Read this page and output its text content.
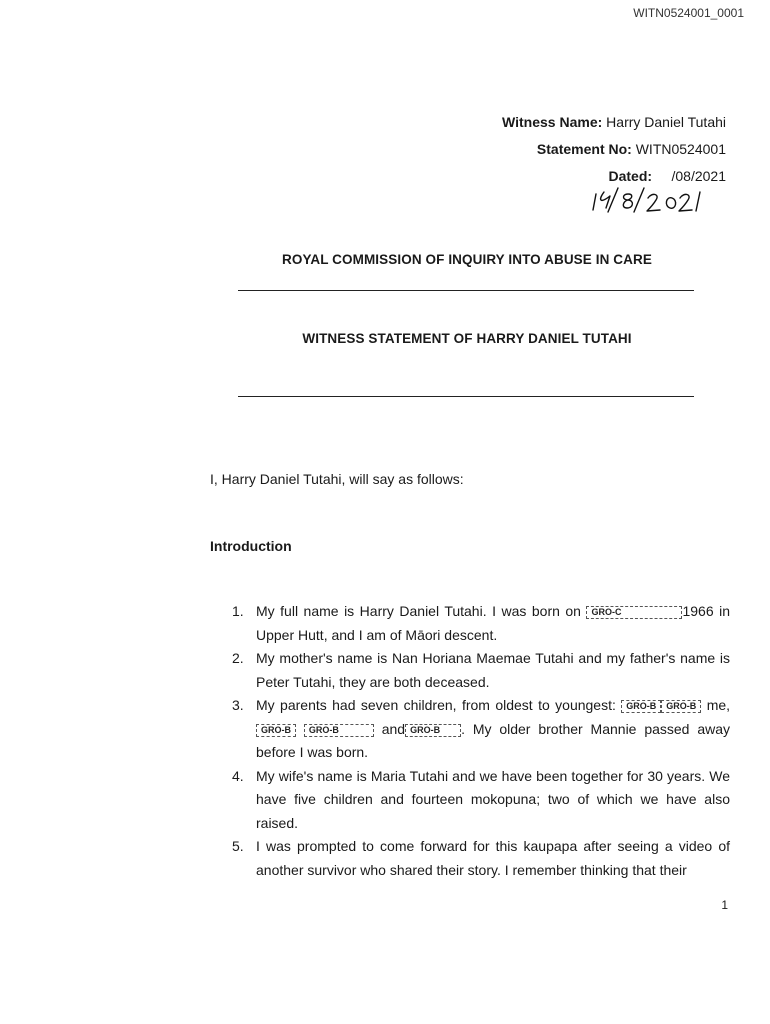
WITN0524001_0001
Witness Name: Harry Daniel Tutahi
Statement No: WITN0524001
Dated: /08/2021
ROYAL COMMISSION OF INQUIRY INTO ABUSE IN CARE
WITNESS STATEMENT OF HARRY DANIEL TUTAHI
I, Harry Daniel Tutahi, will say as follows:
Introduction
1. My full name is Harry Daniel Tutahi. I was born on GRO-C	1966 in Upper Hutt, and I am of Māori descent.

2. My mother's name is Nan Horiana Maemae Tutahi and my father's name is Peter Tutahi, they are both deceased.

3. My parents had seven children, from oldest to youngest: GRO-B GRO-B me, GRO-B GRO-B	and GRO-B . My older brother Mannie passed away before I was born.

4. My wife's name is Maria Tutahi and we have been together for 30 years. We have five children and fourteen mokopuna; two of which we have also raised.

5. I was prompted to come forward for this kaupapa after seeing a video of another survivor who shared their story. I remember thinking that their

1
